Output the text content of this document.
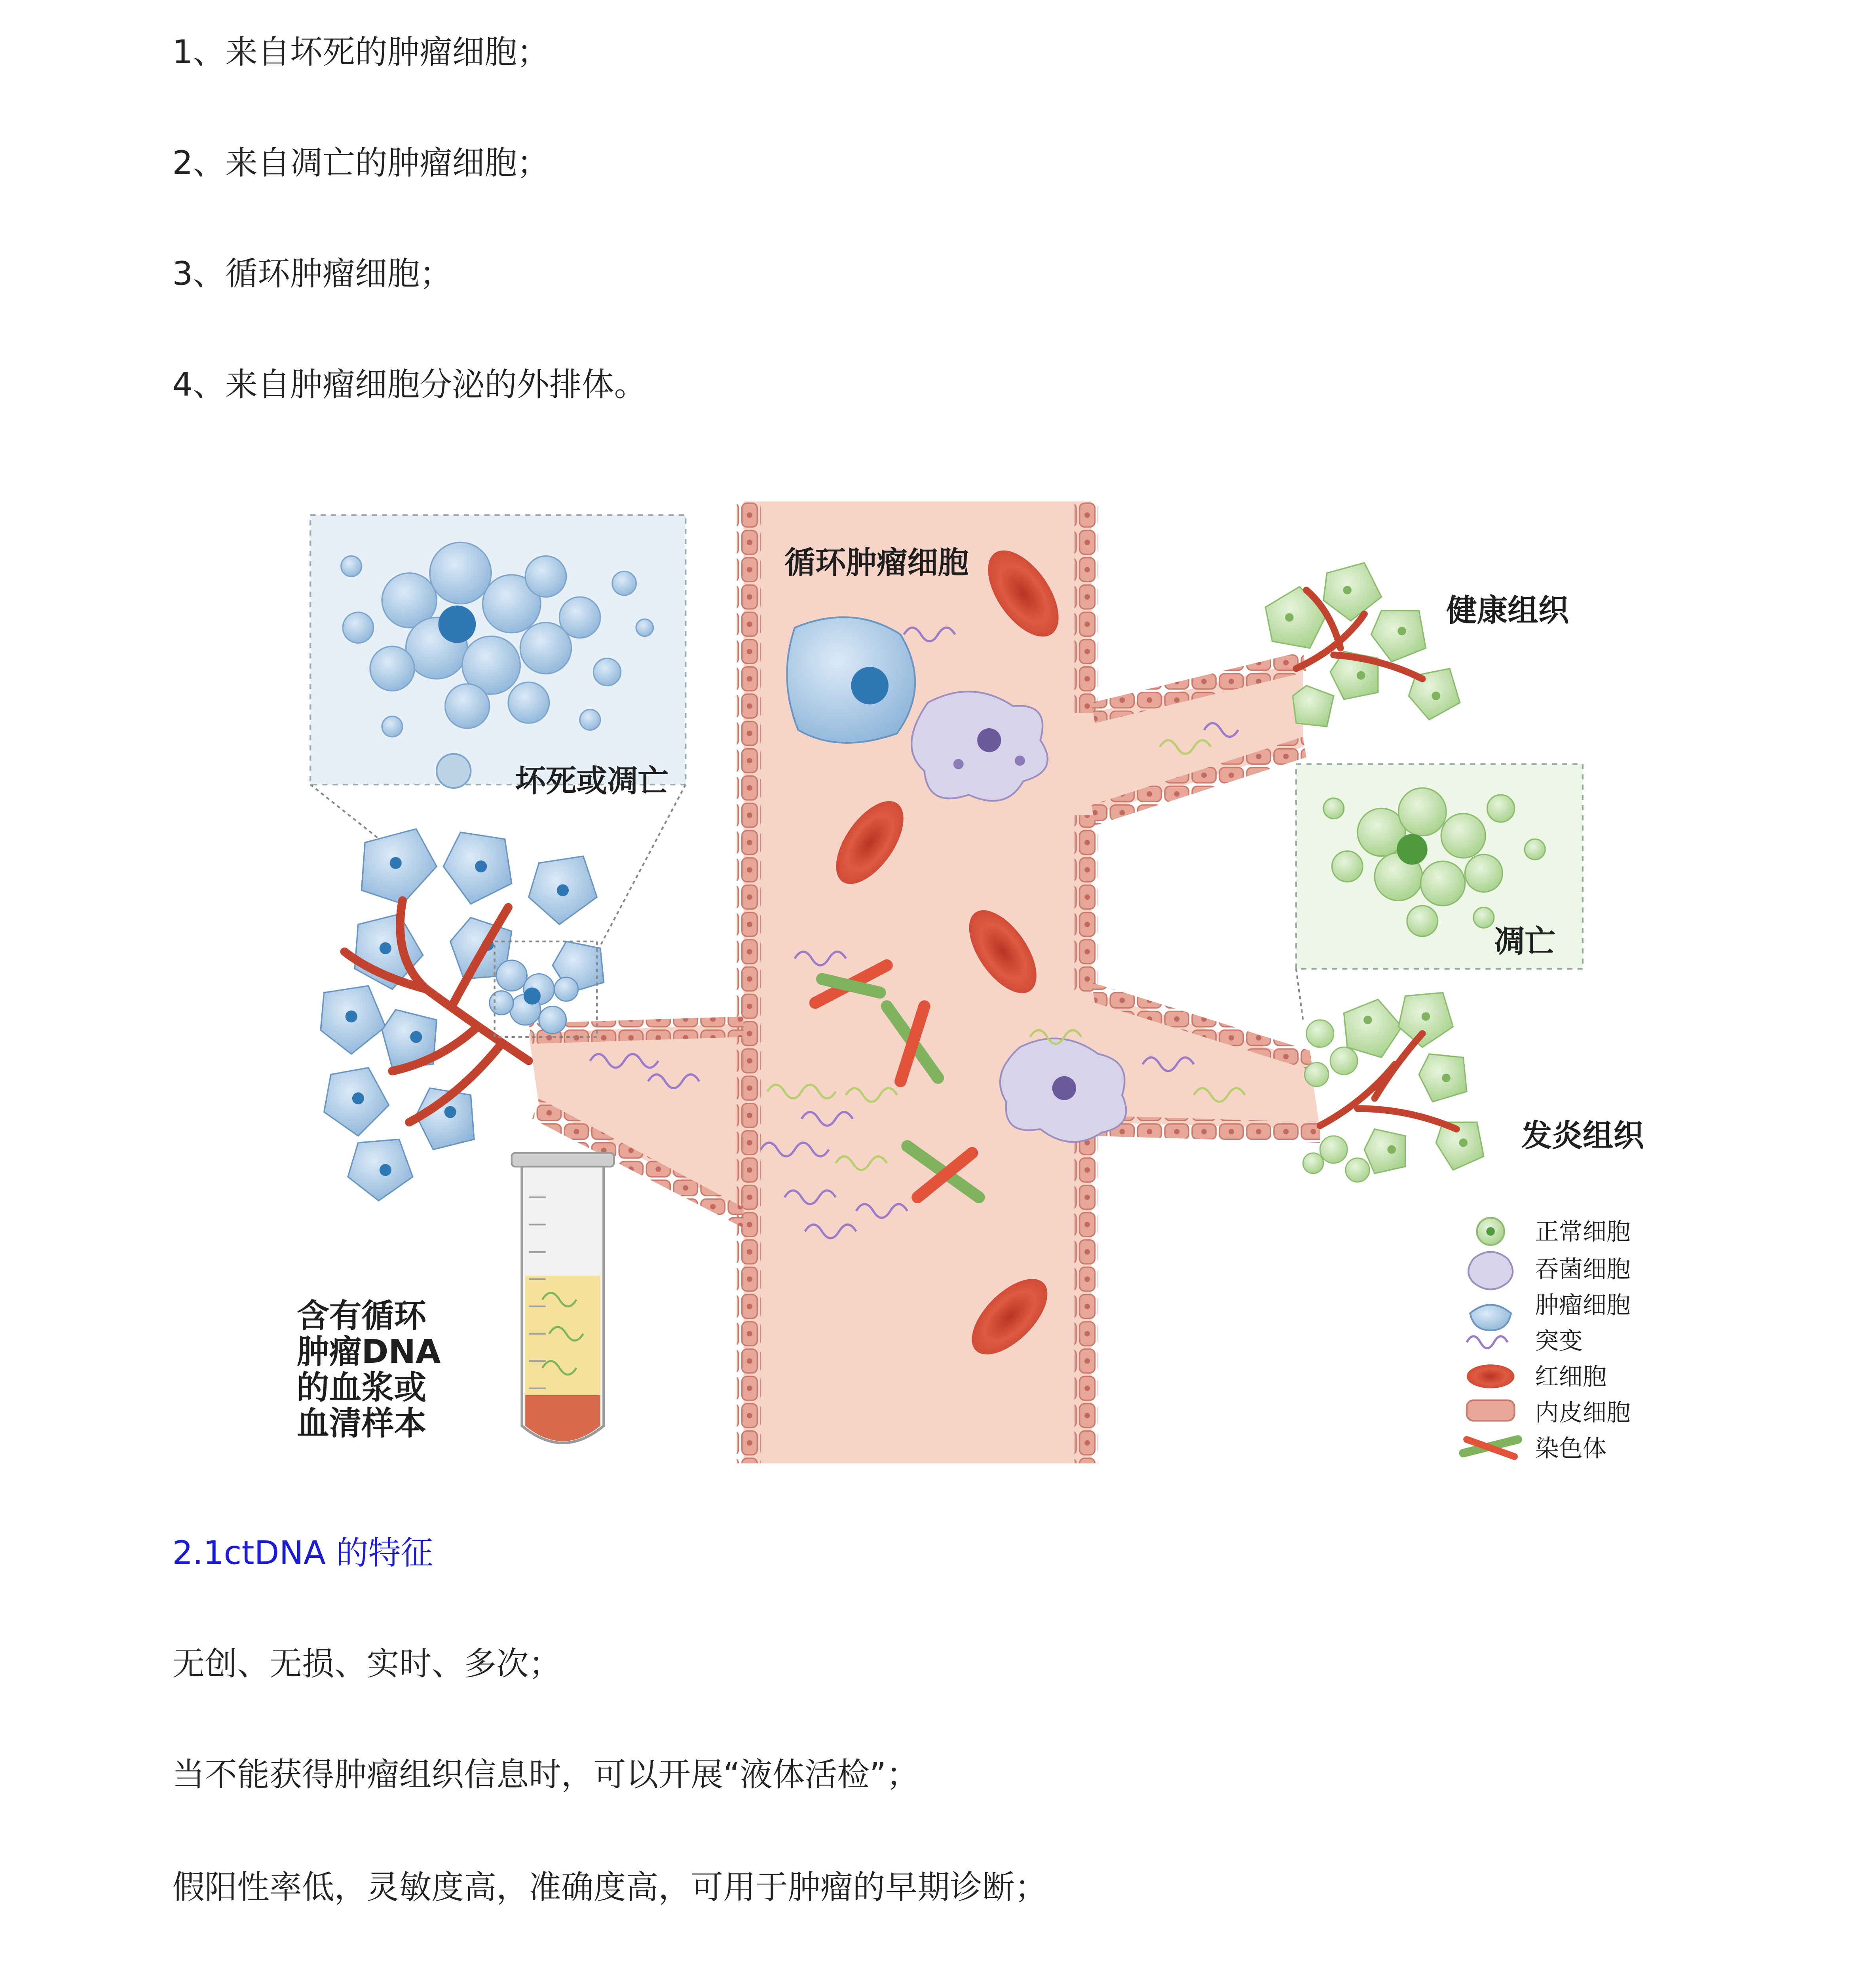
1、来自坏死的肿瘤细胞；

2、来自凋亡的肿瘤细胞；

3、循环肿瘤细胞；

4、来自肿瘤细胞分泌的外排体。

坏死或凋亡
健康组织
凋亡
发炎组织
循环肿瘤细胞
含有循环
肿瘤DNA
的血浆或
血清样本
正常细胞
吞菌细胞
肿瘤细胞
突变
红细胞
内皮细胞
染色体

2.1ctDNA 的特征

无创、无损、实时、多次；

当不能获得肿瘤组织信息时，可以开展“液体活检”；

假阳性率低，灵敏度高，准确度高，可用于肿瘤的早期诊断；
